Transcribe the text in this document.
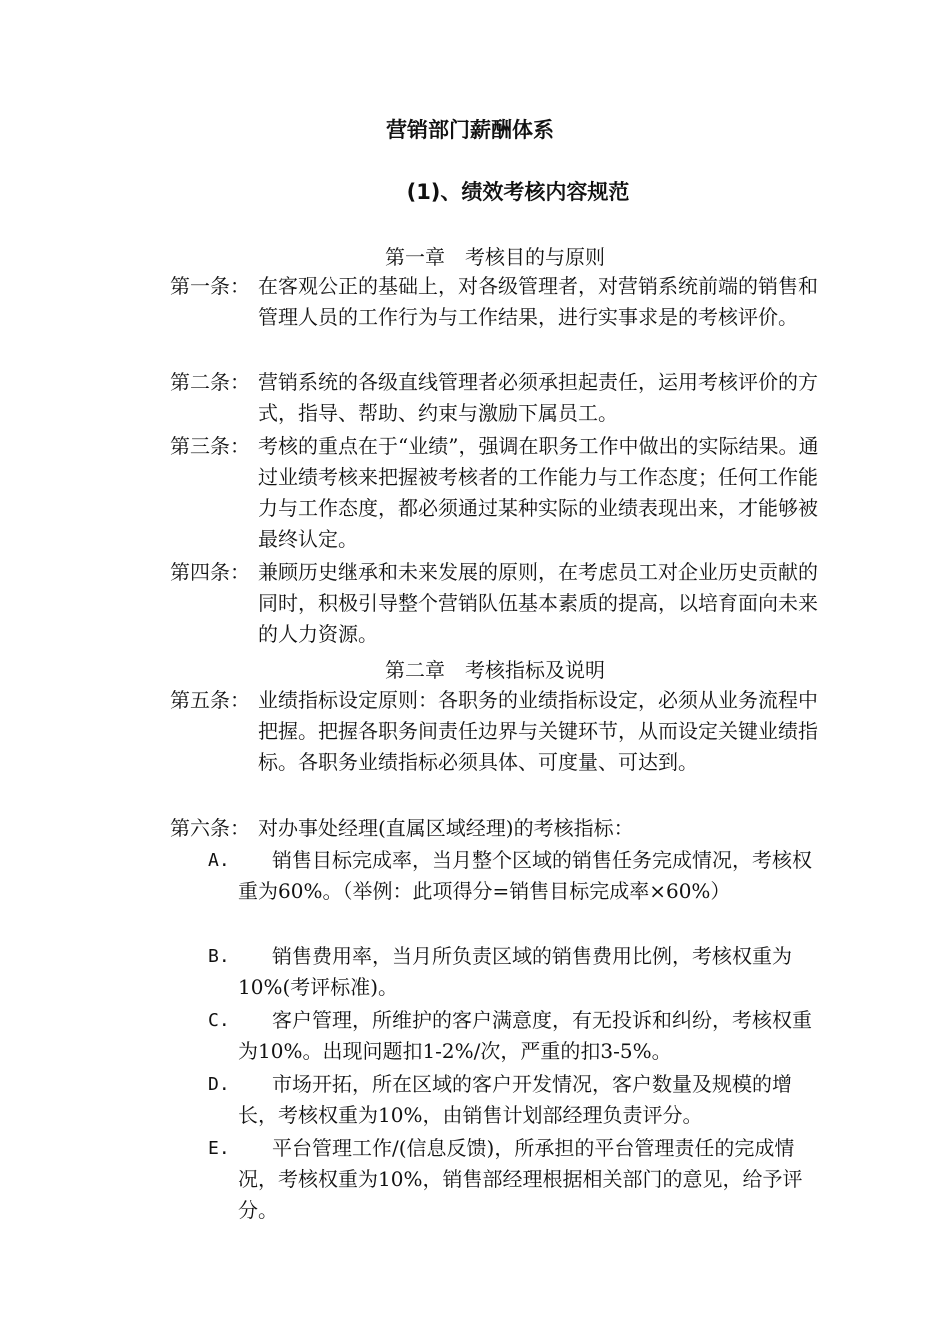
营销部门薪酬体系
(1)、绩效考核内容规范
第一章　考核目的与原则
第一条： 在客观公正的基础上，对各级管理者，对营销系统前端的销售和管理人员的工作行为与工作结果，进行实事求是的考核评价。
第二条： 营销系统的各级直线管理者必须承担起责任，运用考核评价的方式，指导、帮助、约束与激励下属员工。
第三条： 考核的重点在于“业绩”，强调在职务工作中做出的实际结果。通过业绩考核来把握被考核者的工作能力与工作态度；任何工作能力与工作态度，都必须通过某种实际的业绩表现出来，才能够被最终认定。
第四条： 兼顾历史继承和未来发展的原则，在考虑员工对企业历史贡献的同时，积极引导整个营销队伍基本素质的提高，以培育面向未来的人力资源。
第二章　考核指标及说明
第五条： 业绩指标设定原则：各职务的业绩指标设定，必须从业务流程中把握。把握各职务间责任边界与关键环节，从而设定关键业绩指标。各职务业绩指标必须具体、可度量、可达到。
第六条： 对办事处经理(直属区域经理)的考核指标：
A.	销售目标完成率，当月整个区域的销售任务完成情况，考核权重为60%。（举例：此项得分=销售目标完成率×60%）
B.	销售费用率，当月所负责区域的销售费用比例，考核权重为10%(考评标准)。
C.	客户管理，所维护的客户满意度，有无投诉和纠纷，考核权重为10%。出现问题扣1-2%/次，严重的扣3-5%。
D.	市场开拓，所在区域的客户开发情况，客户数量及规模的增长，考核权重为10%，由销售计划部经理负责评分。
E.	平台管理工作/(信息反馈)，所承担的平台管理责任的完成情况，考核权重为10%，销售部经理根据相关部门的意见，给予评分。
